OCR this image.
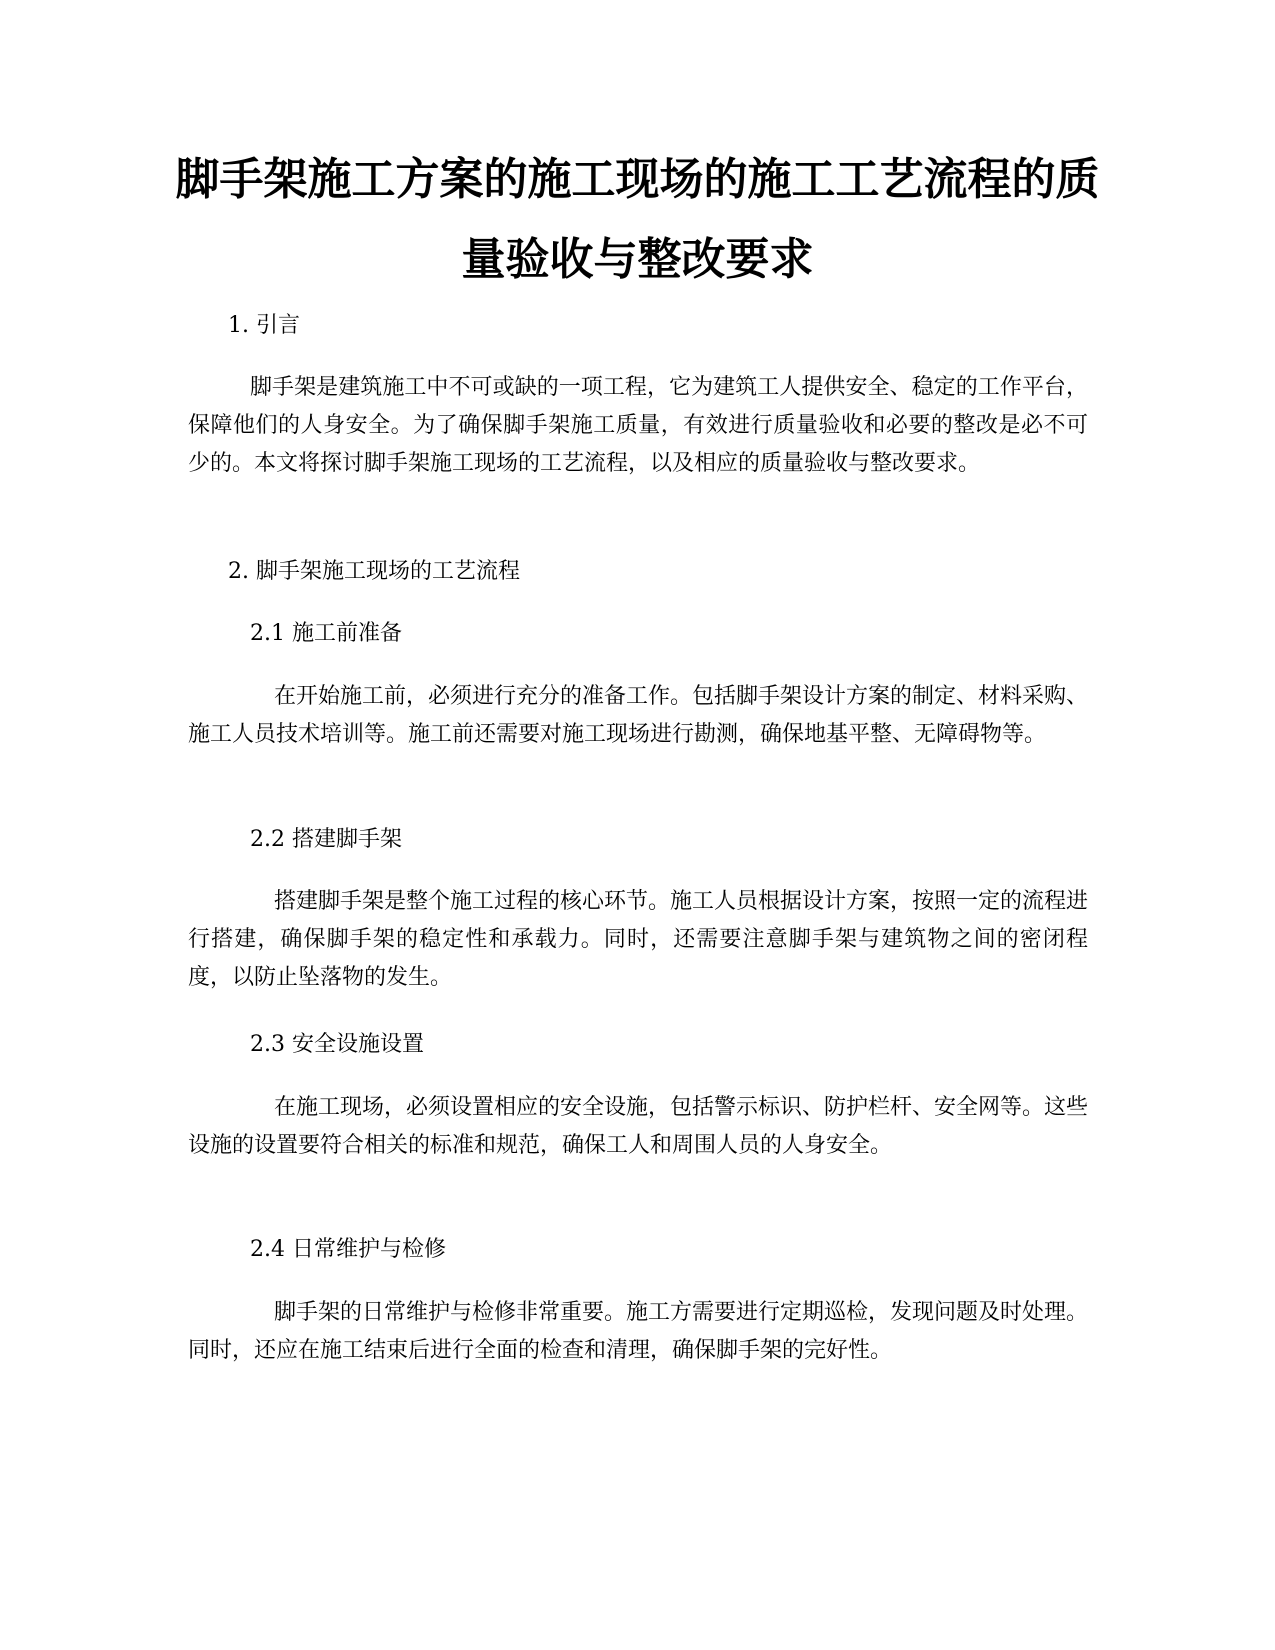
脚手架施工方案的施工现场的施工工艺流程的质量验收与整改要求
1. 引言

脚手架是建筑施工中不可或缺的一项工程，它为建筑工人提供安全、稳定的工作平台，保障他们的人身安全。为了确保脚手架施工质量，有效进行质量验收和必要的整改是必不可少的。本文将探讨脚手架施工现场的工艺流程，以及相应的质量验收与整改要求。

2. 脚手架施工现场的工艺流程
2.1 施工前准备

在开始施工前，必须进行充分的准备工作。包括脚手架设计方案的制定、材料采购、施工人员技术培训等。施工前还需要对施工现场进行勘测，确保地基平整、无障碍物等。

2.2 搭建脚手架

搭建脚手架是整个施工过程的核心环节。施工人员根据设计方案，按照一定的流程进行搭建，确保脚手架的稳定性和承载力。同时，还需要注意脚手架与建筑物之间的密闭程度，以防止坠落物的发生。

2.3 安全设施设置

在施工现场，必须设置相应的安全设施，包括警示标识、防护栏杆、安全网等。这些设施的设置要符合相关的标准和规范，确保工人和周围人员的人身安全。

2.4 日常维护与检修

脚手架的日常维护与检修非常重要。施工方需要进行定期巡检，发现问题及时处理。同时，还应在施工结束后进行全面的检查和清理，确保脚手架的完好性。
